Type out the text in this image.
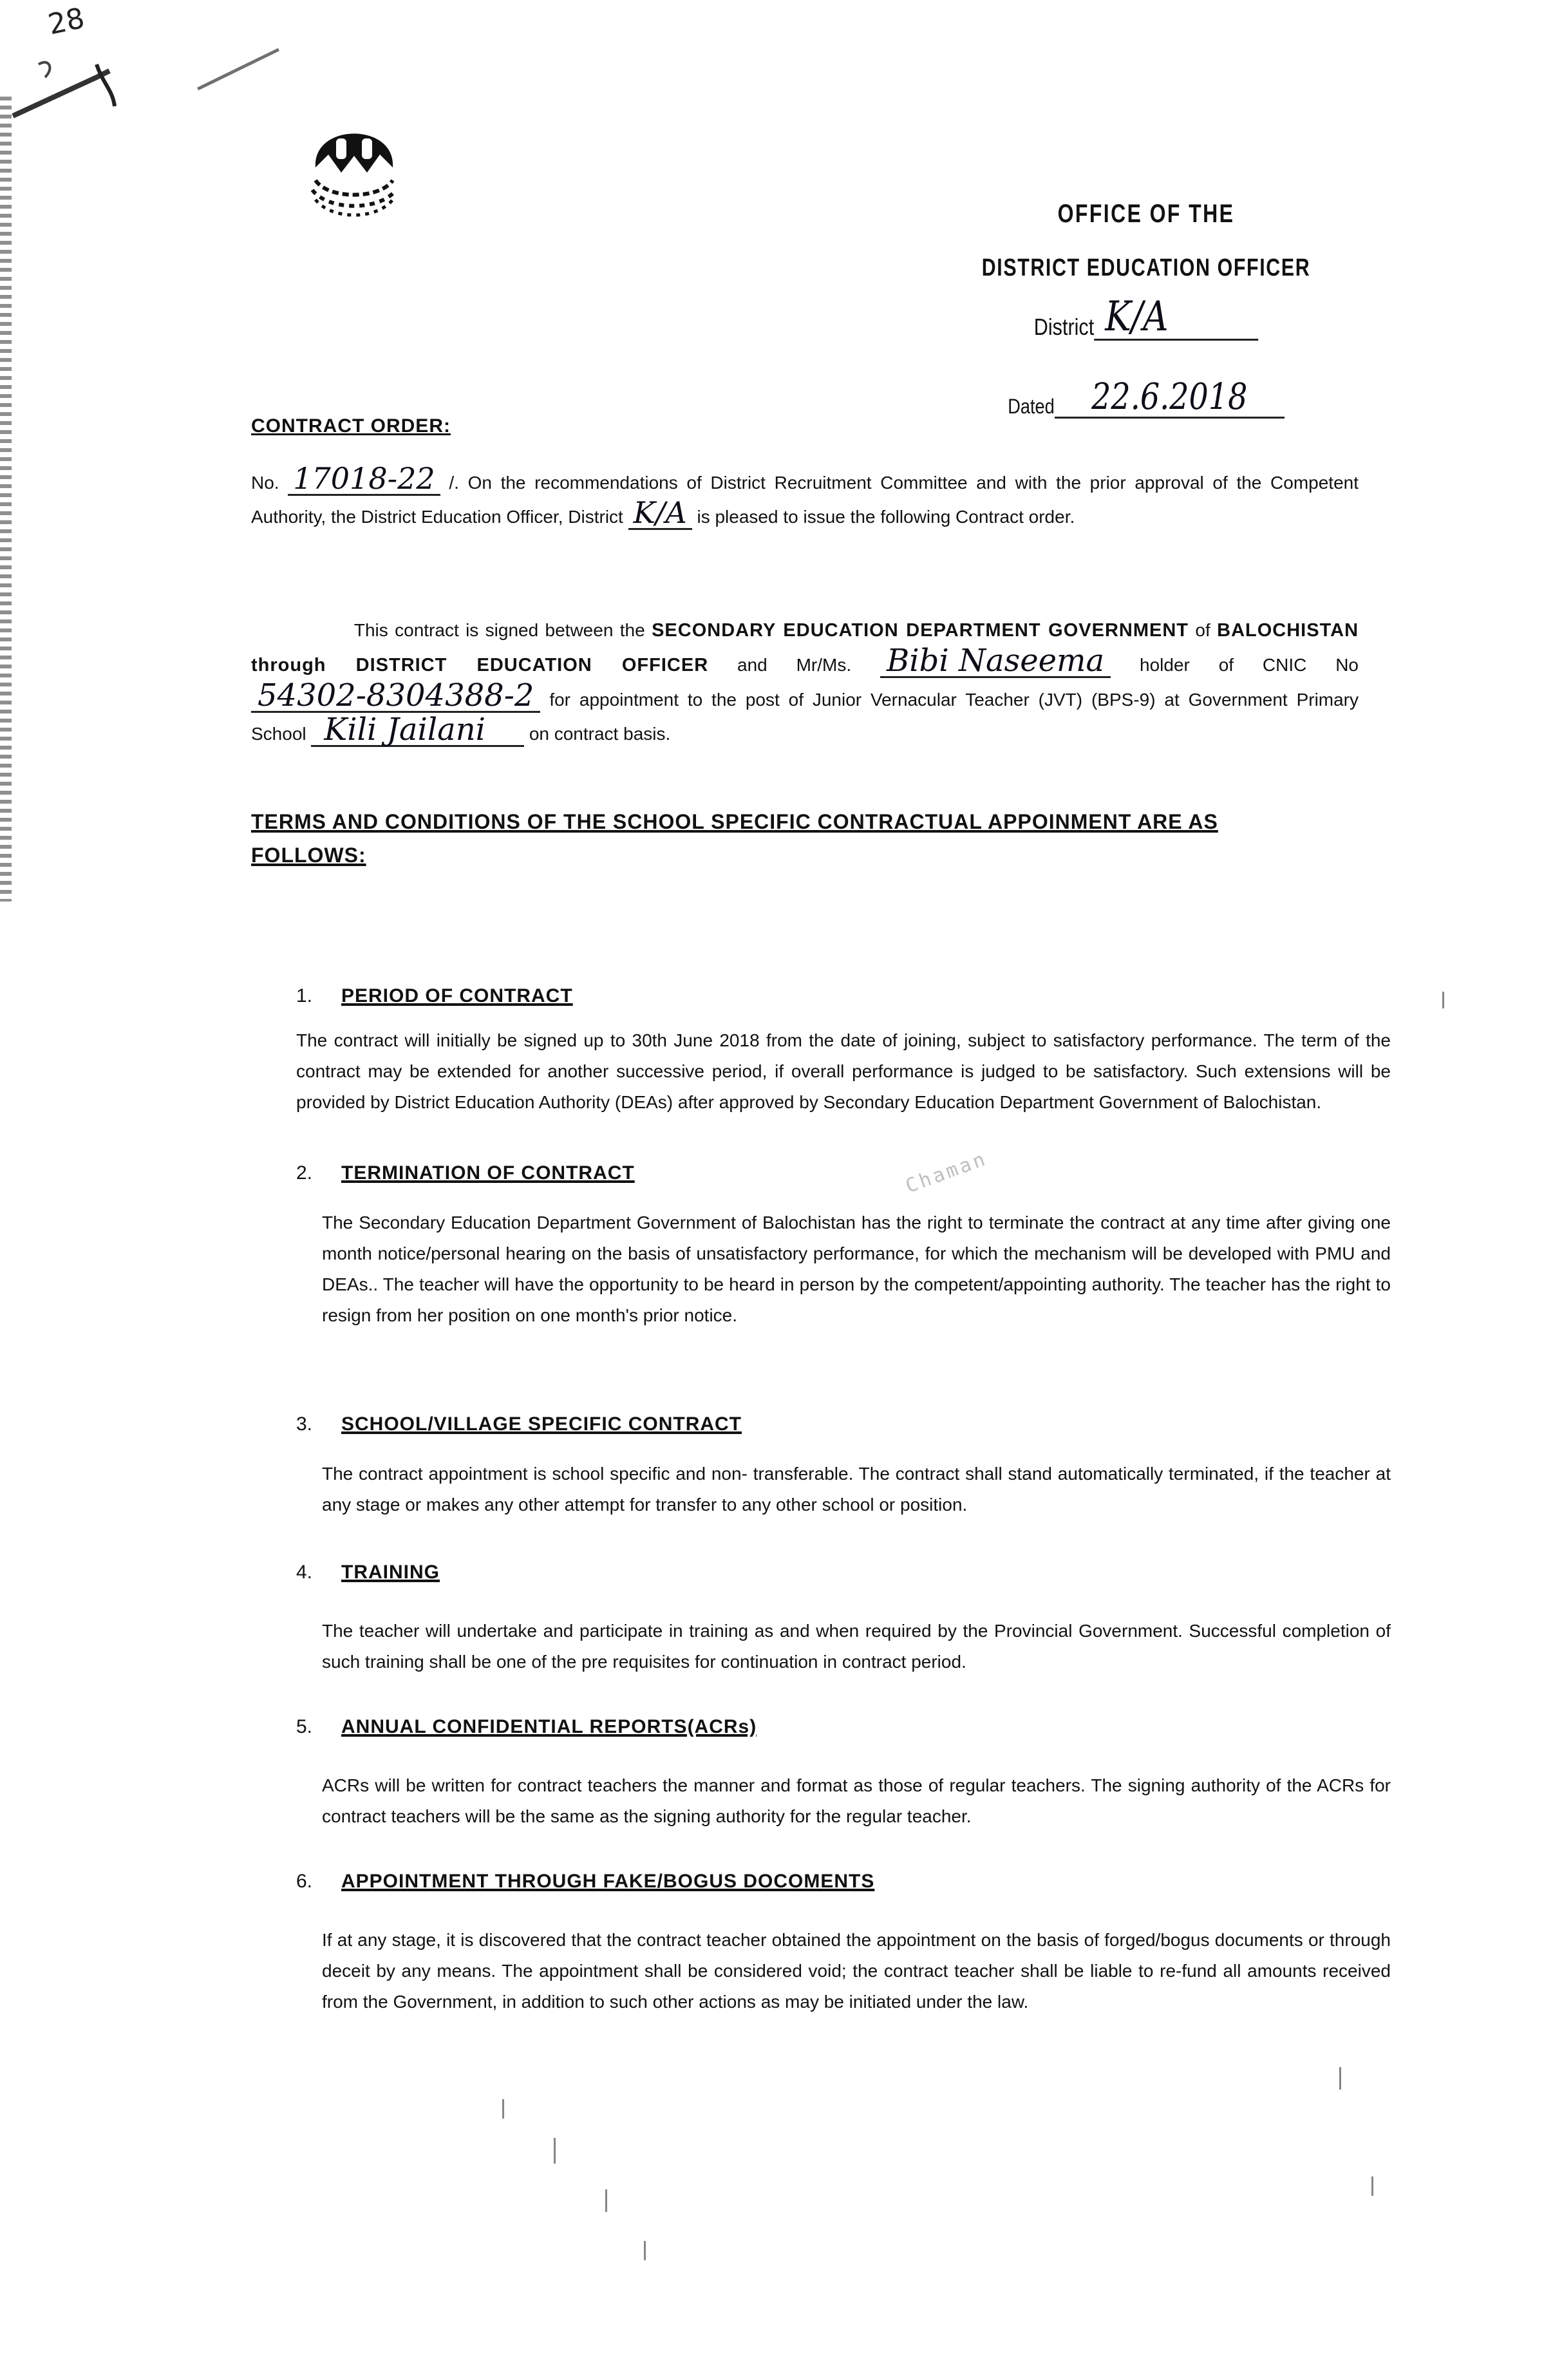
28
OFFICE OF THE
DISTRICT EDUCATION OFFICER
District K/A
Dated	22.6.2018
CONTRACT ORDER:
No. 17018-22 /. On the recommendations of District Recruitment Committee and with the prior approval of the Competent Authority, the District Education Officer, District K/A is pleased to issue the following Contract order.
This contract is signed between the SECONDARY EDUCATION DEPARTMENT GOVERNMENT of BALOCHISTAN through DISTRICT EDUCATION OFFICER and Mr/Ms. Bibi Naseema holder of CNIC No 54302-8304388-2 for appointment to the post of Junior Vernacular Teacher (JVT) (BPS-9) at Government Primary School Kili Jailani on contract basis.
TERMS AND CONDITIONS OF THE SCHOOL SPECIFIC CONTRACTUAL APPOINMENT ARE AS FOLLOWS:
1.	PERIOD OF CONTRACT
The contract will initially be signed up to 30th June 2018 from the date of joining, subject to satisfactory performance. The term of the contract may be extended for another successive period, if overall performance is judged to be satisfactory. Such extensions will be provided by District Education Authority (DEAs) after approved by Secondary Education Department Government of Balochistan.
2.	TERMINATION OF CONTRACT
The Secondary Education Department Government of Balochistan has the right to terminate the contract at any time after giving one month notice/personal hearing on the basis of unsatisfactory performance, for which the mechanism will be developed with PMU and DEAs.. The teacher will have the opportunity to be heard in person by the competent/appointing authority. The teacher has the right to resign from her position on one month's prior notice.
3.	SCHOOL/VILLAGE SPECIFIC CONTRACT
The contract appointment is school specific and non- transferable. The contract shall stand automatically terminated, if the teacher at any stage or makes any other attempt for transfer to any other school or position.
4.	TRAINING
The teacher will undertake and participate in training as and when required by the Provincial Government. Successful completion of such training shall be one of the pre requisites for continuation in contract period.
5.	ANNUAL CONFIDENTIAL REPORTS(ACRs)
ACRs will be written for contract teachers the manner and format as those of regular teachers. The signing authority of the ACRs for contract teachers will be the same as the signing authority for the regular teacher.
6.	APPOINTMENT THROUGH FAKE/BOGUS DOCOMENTS
If at any stage, it is discovered that the contract teacher obtained the appointment on the basis of forged/bogus documents or through deceit by any means. The appointment shall be considered void; the contract teacher shall be liable to re-fund all amounts received from the Government, in addition to such other actions as may be initiated under the law.
Chaman
